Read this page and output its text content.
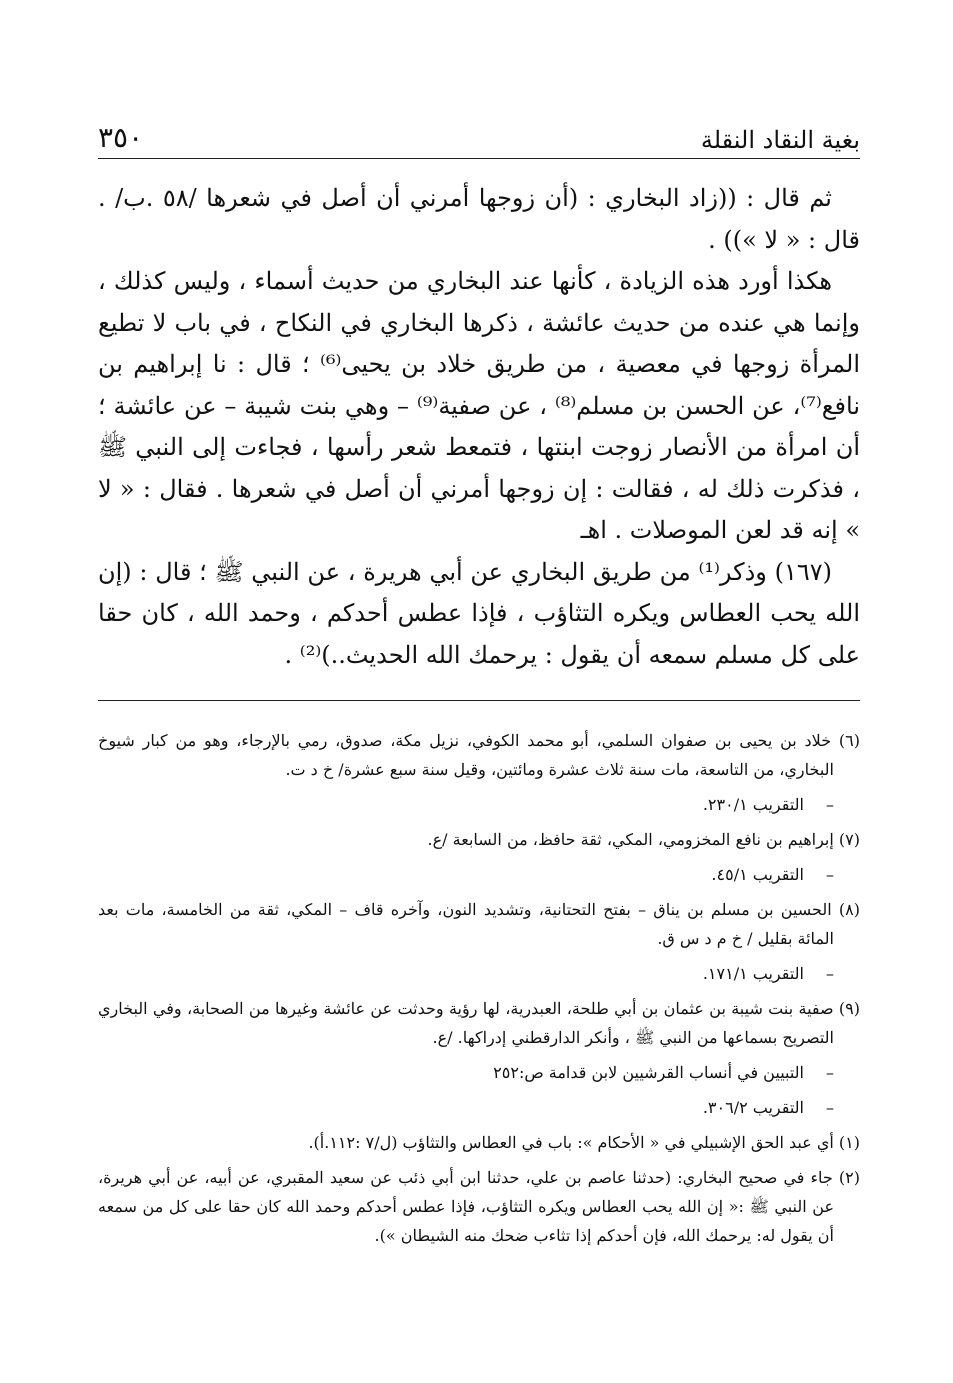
بغية النقاد النقلة
٣٥٠

ثم قال : ((زاد البخاري : (أن زوجها أمرني أن أصل في شعرها /٥٨ .ب/ . قال : « لا »)) .

هكذا أورد هذه الزيادة ، كأنها عند البخاري من حديث أسماء ، وليس كذلك ، وإنما هي عنده من حديث عائشة ، ذكرها البخاري في النكاح ، في باب لا تطيع المرأة زوجها في معصية ، من طريق خلاد بن يحيى⁽⁶⁾ ؛ قال : نا إبراهيم بن نافع⁽⁷⁾، عن الحسن بن مسلم⁽⁸⁾ ، عن صفية⁽⁹⁾ – وهي بنت شيبة – عن عائشة ؛ أن امرأة من الأنصار زوجت ابنتها ، فتمعط شعر رأسها ، فجاءت إلى النبي ﷺ ، فذكرت ذلك له ، فقالت : إن زوجها أمرني أن أصل في شعرها . فقال : « لا » إنه قد لعن الموصلات . اهـ

(١٦٧) وذكر⁽¹⁾ من طريق البخاري عن أبي هريرة ، عن النبي ﷺ ؛ قال : (إن الله يحب العطاس ويكره التثاؤب ، فإذا عطس أحدكم ، وحمد الله ، كان حقا على كل مسلم سمعه أن يقول : يرحمك الله الحديث..)⁽²⁾ .

(٦) خلاد بن يحيى بن صفوان السلمي، أبو محمد الكوفي، نزيل مكة، صدوق، رمي بالإرجاء، وهو من كبار شيوخ البخاري، من التاسعة، مات سنة ثلاث عشرة ومائتين، وقيل سنة سبع عشرة/ خ د ت.

–التقريب ٢٣٠/١.

(٧) إبراهيم بن نافع المخزومي، المكي، ثقة حافظ، من السابعة /ع.

–التقريب ٤٥/١.

(٨) الحسين بن مسلم بن يناق – بفتح التحتانية، وتشديد النون، وآخره قاف – المكي، ثقة من الخامسة، مات بعد المائة بقليل / خ م د س ق.

–التقريب ١٧١/١.

(٩) صفية بنت شيبة بن عثمان بن أبي طلحة، العبدرية، لها رؤية وحدثت عن عائشة وغيرها من الصحابة، وفي البخاري التصريح بسماعها من النبي ﷺ ، وأنكر الدارقطني إدراكها. /ع.

–التبيين في أنساب القرشيين لابن قدامة ص:٢٥٢

–التقريب ٣٠٦/٢.

(١) أي عبد الحق الإشبيلي في « الأحكام »: باب في العطاس والتثاؤب (ل/٧ :١١٢.أ).

(٢) جاء في صحيح البخاري: (حدثنا عاصم بن علي، حدثنا ابن أبي ذئب عن سعيد المقبري، عن أبيه، عن أبي هريرة، عن النبي ﷺ :« إن الله يحب العطاس ويكره التثاؤب، فإذا عطس أحدكم وحمد الله كان حقا على كل من سمعه أن يقول له: يرحمك الله، فإن أحدكم إذا تثاءب ضحك منه الشيطان »).
